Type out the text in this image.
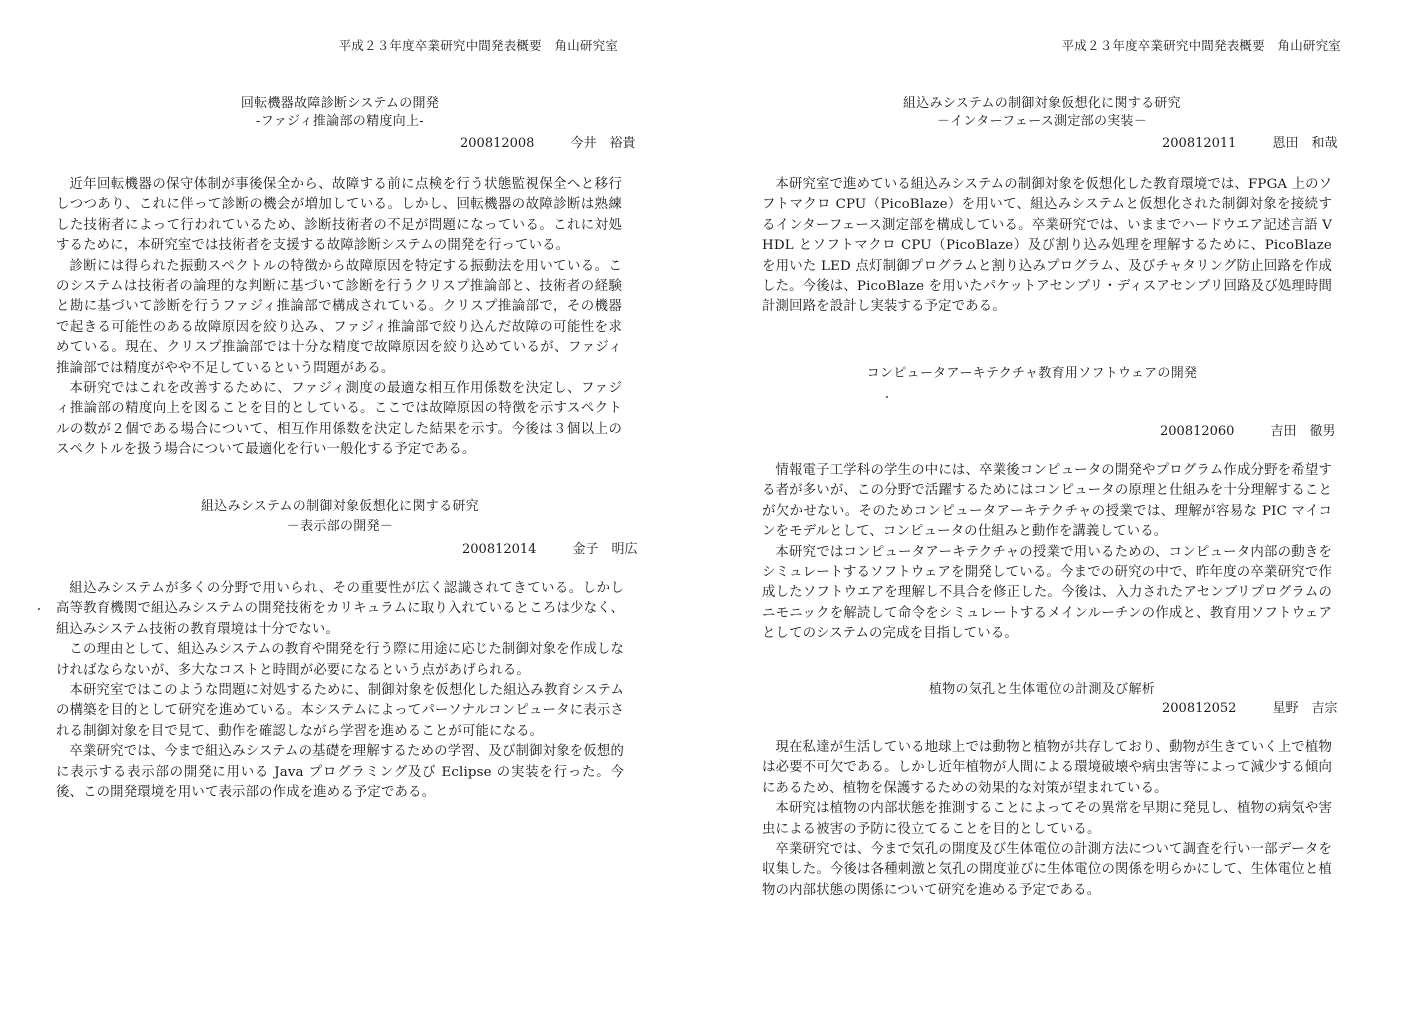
平成２３年度卒業研究中間発表概要　角山研究室
回転機器故障診断システムの開発
-ファジィ推論部の精度向上-
200812008	今井　裕貴

近年回転機器の保守体制が事後保全から、故障する前に点検を行う状態監視保全へと移行しつつあり、これに伴って診断の機会が増加している。しかし、回転機器の故障診断は熟練した技術者によって行われているため、診断技術者の不足が問題になっている。これに対処するために，本研究室では技術者を支援する故障診断システムの開発を行っている。

診断には得られた振動スペクトルの特徴から故障原因を特定する振動法を用いている。このシステムは技術者の論理的な判断に基づいて診断を行うクリスプ推論部と、技術者の経験と勘に基づいて診断を行うファジィ推論部で構成されている。クリスプ推論部で，その機器で起きる可能性のある故障原因を絞り込み、ファジィ推論部で絞り込んだ故障の可能性を求めている。現在、クリスプ推論部では十分な精度で故障原因を絞り込めているが、ファジィ推論部では精度がやや不足しているという問題がある。

本研究ではこれを改善するために、ファジィ測度の最適な相互作用係数を決定し、ファジィ推論部の精度向上を図ることを目的としている。ここでは故障原因の特徴を示すスペクトルの数が２個である場合について、相互作用係数を決定した結果を示す。今後は３個以上のスペクトルを扱う場合について最適化を行い一般化する予定である。

組込みシステムの制御対象仮想化に関する研究
－表示部の開発－
200812014	金子　明広

組込みシステムが多くの分野で用いられ、その重要性が広く認識されてきている。しかし高等教育機関で組込みシステムの開発技術をカリキュラムに取り入れているところは少なく、組込みシステム技術の教育環境は十分でない。

この理由として、組込みシステムの教育や開発を行う際に用途に応じた制御対象を作成しなければならないが、多大なコストと時間が必要になるという点があげられる。

本研究室ではこのような問題に対処するために、制御対象を仮想化した組込み教育システムの構築を目的として研究を進めている。本システムによってパーソナルコンピュータに表示される制御対象を目で見て、動作を確認しながら学習を進めることが可能になる。

卒業研究では、今まで組込みシステムの基礎を理解するための学習、及び制御対象を仮想的に表示する表示部の開発に用いる Java プログラミング及び Eclipse の実装を行った。今後、この開発環境を用いて表示部の作成を進める予定である。

平成２３年度卒業研究中間発表概要　角山研究室
組込みシステムの制御対象仮想化に関する研究
－インターフェース測定部の実装－
200812011	恩田　和哉

本研究室で進めている組込みシステムの制御対象を仮想化した教育環境では、FPGA 上のソフトマクロ CPU（PicoBlaze）を用いて、組込みシステムと仮想化された制御対象を接続するインターフェース測定部を構成している。卒業研究では、いままでハードウエア記述言語 VHDL とソフトマクロ CPU（PicoBlaze）及び割り込み処理を理解するために、PicoBlaze を用いた LED 点灯制御プログラムと割り込みプログラム、及びチャタリング防止回路を作成した。今後は、PicoBlaze を用いたパケットアセンブリ・ディスアセンブリ回路及び処理時間計測回路を設計し実装する予定である。

コンピュータアーキテクチャ教育用ソフトウェアの開発
200812060	吉田　徹男

情報電子工学科の学生の中には、卒業後コンピュータの開発やプログラム作成分野を希望する者が多いが、この分野で活躍するためにはコンピュータの原理と仕組みを十分理解することが欠かせない。そのためコンピュータアーキテクチャの授業では、理解が容易な PIC マイコンをモデルとして、コンピュータの仕組みと動作を講義している。

本研究ではコンピュータアーキテクチャの授業で用いるための、コンピュータ内部の動きをシミュレートするソフトウェアを開発している。今までの研究の中で、昨年度の卒業研究で作成したソフトウエアを理解し不具合を修正した。今後は、入力されたアセンブリプログラムのニモニックを解読して命令をシミュレートするメインルーチンの作成と、教育用ソフトウェアとしてのシステムの完成を目指している。

植物の気孔と生体電位の計測及び解析
200812052	星野　吉宗

現在私達が生活している地球上では動物と植物が共存しており、動物が生きていく上で植物は必要不可欠である。しかし近年植物が人間による環境破壊や病虫害等によって減少する傾向にあるため、植物を保護するための効果的な対策が望まれている。

本研究は植物の内部状態を推測することによってその異常を早期に発見し、植物の病気や害虫による被害の予防に役立てることを目的としている。

卒業研究では、今まで気孔の開度及び生体電位の計測方法について調査を行い一部データを収集した。今後は各種刺激と気孔の開度並びに生体電位の関係を明らかにして、生体電位と植物の内部状態の関係について研究を進める予定である。
